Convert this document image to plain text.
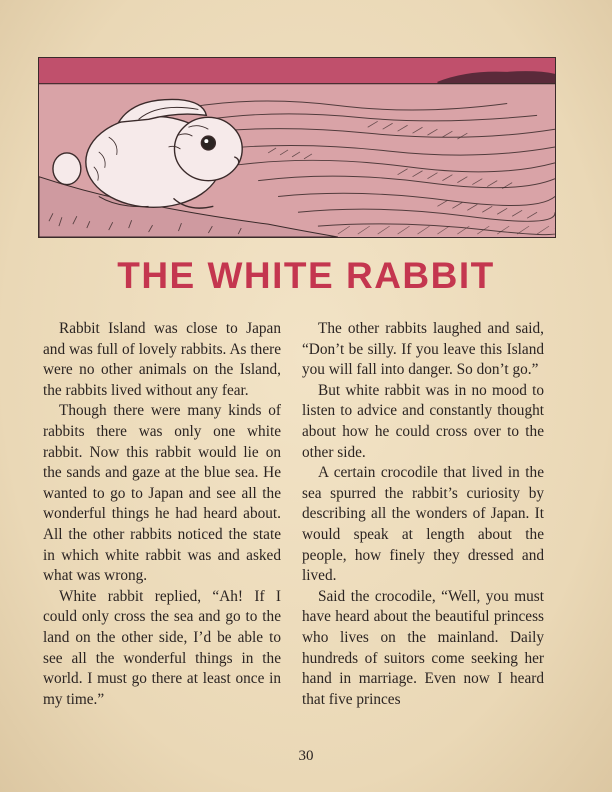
THE WHITE RABBIT

Rabbit Island was close to Japan and was full of lovely rabbits. As there were no other animals on the Island, the rabbits lived without any fear.

Though there were many kinds of rabbits there was only one white rabbit. Now this rabbit would lie on the sands and gaze at the blue sea. He wanted to go to Japan and see all the wonderful things he had heard about. All the other rabbits noticed the state in which white rabbit was and asked what was wrong.

White rabbit replied, “Ah! If I could only cross the sea and go to the land on the other side, I’d be able to see all the wonderful things in the world. I must go there at least once in my time.”

The other rabbits laughed and said, “Don’t be silly. If you leave this Island you will fall into danger. So don’t go.”

But white rabbit was in no mood to listen to advice and constantly thought about how he could cross over to the other side.

A certain crocodile that lived in the sea spurred the rabbit’s curiosity by describing all the wonders of Japan. It would speak at length about the people, how finely they dressed and lived.

Said the crocodile, “Well, you must have heard about the beautiful princess who lives on the mainland. Daily hundreds of suitors come seeking her hand in marriage. Even now I heard that five princes

30
